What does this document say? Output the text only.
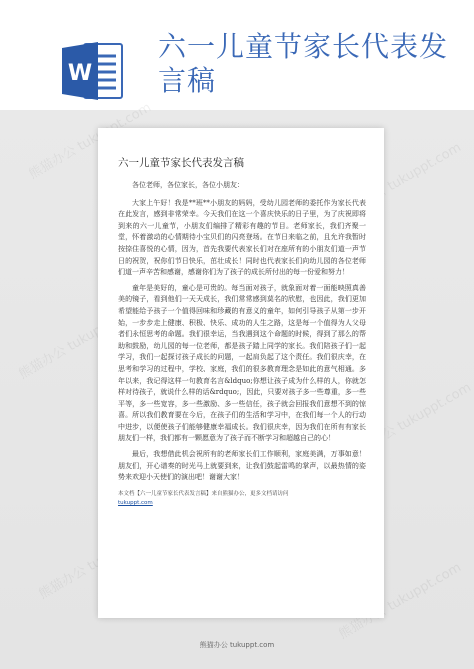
W
六一儿童节家长代表发言稿
熊猫办公 tukuppt.com	熊猫办公 tukuppt.com
熊猫办公 tukuppt.com
熊猫办公 tukuppt.com
熊猫办公	熊猫办公 tukuppt.com
六一儿童节家长代表发言稿

各位老师，各位家长，各位小朋友：

大家上午好！我是**班**小朋友的妈妈，受幼儿园老师的委托作为家长代表在此发言，感到非常荣幸。今天我们在这一个喜庆快乐的日子里，为了庆祝即将到来的六一儿童节，小朋友们编排了精彩有趣的节目。老师家长，我们齐聚一堂，怀着激动的心情期待小宝贝们的闪亮登场。在节日来临之前，且允许我暂时按捺住喜悦的心情，因为，首先我要代表家长们对在座所有的小朋友们道一声节日的祝贺，祝你们节日快乐，茁壮成长！同时也代表家长们向幼儿园的各位老师们道一声辛苦和感谢，感谢你们为了孩子的成长所付出的每一份爱和努力！

童年是美好的，童心是可贵的。每当面对孩子，就象面对着一面能映照真善美的镜子，看到他们一天天成长，我们常常感到莫名的欣慰，也因此，我们更加希望能给予孩子一个值得回味和珍藏的有意义的童年，如何引导孩子从第一步开始，一步步走上健康、积极、快乐、成功的人生之路，这是每一个值得为人父母者们永恒思考的命题。我们很幸运，当我遇到这个命题的时候，得到了那么的帮助和鼓励，幼儿园的每一位老师，都是孩子踏上同学的家长。我们陪孩子们一起学习，我们一起探讨孩子成长的问题，一起肩负起了这个责任。我们很庆幸，在思考和学习的过程中，学校、家庭，我们的很多教育理念是如此的意气相通。多年以来，我记得这样一句教育名言&ldquo;你想让孩子成为什么样的人，你就怎样对待孩子，就说什么样的话&rdquo;，因此，只要对孩子多一些尊重，多一些平等，多一些宽容，多一些激励、多一些信任，孩子就会回报我们意想不到的惊喜。所以我们教育要在今后，在孩子们的生活和学习中，在我们每一个人的行动中进步，以便使孩子们能够健康幸福成长。我们很庆幸，因为我们在所有有家长朋友们一样，我们都有一颗愿意为了孩子而不断学习和超越自己的心！

最后，我想借此机会祝所有的老师家长们工作顺利，家庭美满，万事如意！朋友们，开心谱奏的时光马上就要到来，让我们鼓起雷鸣的掌声，以最热情的姿势来欢迎小天使们的演出吧！谢谢大家！

本文档【六一儿童节家长代表发言稿】来自熊猫办公，更多文档请访问
tukuppt.com
熊猫办公 tukuppt.com
